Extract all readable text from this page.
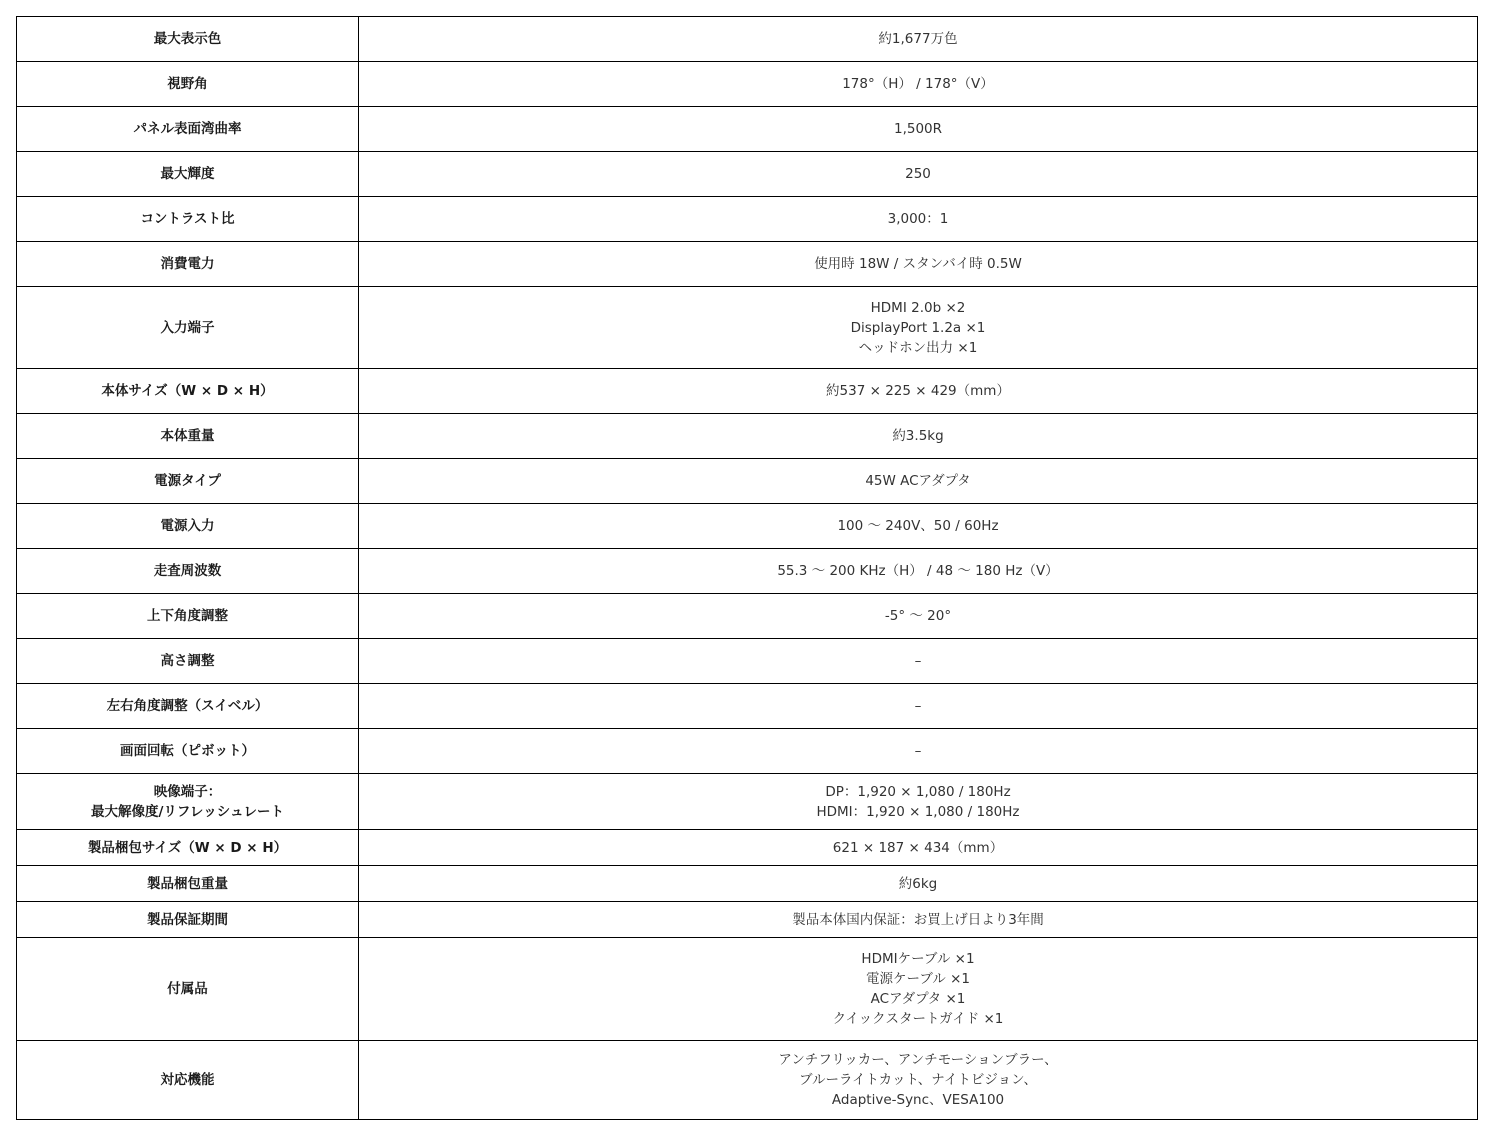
最大表示色	約1,677万色

視野角	178°（H） / 178°（V）

パネル表面湾曲率	1,500R

最大輝度	250

コントラスト比	3,000：1

消費電力	使用時 18W / スタンバイ時 0.5W

入力端子	HDMI 2.0b ×2
DisplayPort 1.2a ×1
ヘッドホン出力 ×1

本体サイズ（W × D × H）	約537 × 225 × 429（mm）

本体重量	約3.5kg

電源タイプ	45W ACアダプタ

電源入力	100 ～ 240V、50 / 60Hz

走査周波数	55.3 ～ 200 KHz（H） / 48 ～ 180 Hz（V）

上下角度調整	-5° ～ 20°

高さ調整	–

左右角度調整（スイベル）	–

画面回転（ピボット）	–

映像端子：
最大解像度/リフレッシュレート	DP：1,920 × 1,080 / 180Hz
HDMI：1,920 × 1,080 / 180Hz

製品梱包サイズ（W × D × H）	621 × 187 × 434（mm）

製品梱包重量	約6kg

製品保証期間	製品本体国内保証：お買上げ日より3年間

付属品	HDMIケーブル ×1
電源ケーブル ×1
ACアダプタ ×1
クイックスタートガイド ×1

対応機能	アンチフリッカー、アンチモーションブラー、
ブルーライトカット、ナイトビジョン、
Adaptive-Sync、VESA100
